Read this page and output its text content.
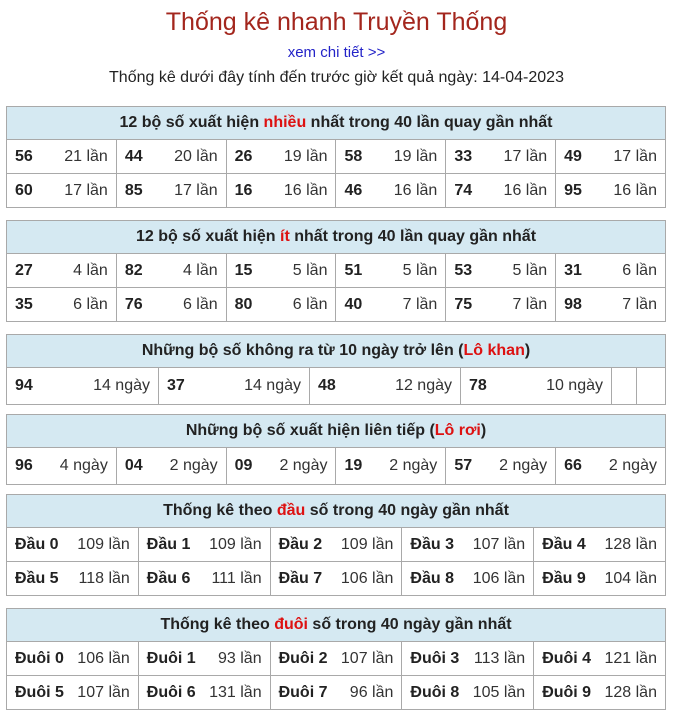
Thống kê nhanh Truyền Thống
xem chi tiết >>
Thống kê dưới đây tính đến trước giờ kết quả ngày: 14-04-2023
12 bộ số xuất hiện nhiều nhất trong 40 lần quay gần nhất
56 21 lần 44 20 lần 26 19 lần 58 19 lần 33 17 lần 49 17 lần
60 17 lần 85 17 lần 16 16 lần 46 16 lần 74 16 lần 95 16 lần
12 bộ số xuất hiện ít nhất trong 40 lần quay gần nhất
27	4 lần 82	4 lần 15	5 lần 51	5 lần 53	5 lần 31	6 lần
35	6 lần 76	6 lần 80	6 lần 40	7 lần 75	7 lần 98	7 lần
Những bộ số không ra từ 10 ngày trở lên (Lô khan)
94	14 ngày 37	14 ngày 48	12 ngày 78	10 ngày
Những bộ số xuất hiện liên tiếp (Lô rơi)
96 4 ngày 04 2 ngày 09 2 ngày 19 2 ngày 57 2 ngày 66 2 ngày
Thống kê theo đầu số trong 40 ngày gần nhất
Đầu 0 109 lần Đầu 1 109 lần Đầu 2 109 lần Đầu 3 107 lần Đầu 4 128 lần
Đầu 5 118 lần Đầu 6 111 lần Đầu 7 106 lần Đầu 8 106 lần Đầu 9 104 lần
Thống kê theo đuôi số trong 40 ngày gần nhất
Đuôi 0 106 lần Đuôi 1 93 lần Đuôi 2 107 lần Đuôi 3 113 lần Đuôi 4 121 lần
Đuôi 5 107 lần Đuôi 6 131 lần Đuôi 7 96 lần Đuôi 8 105 lần Đuôi 9 128 lần
